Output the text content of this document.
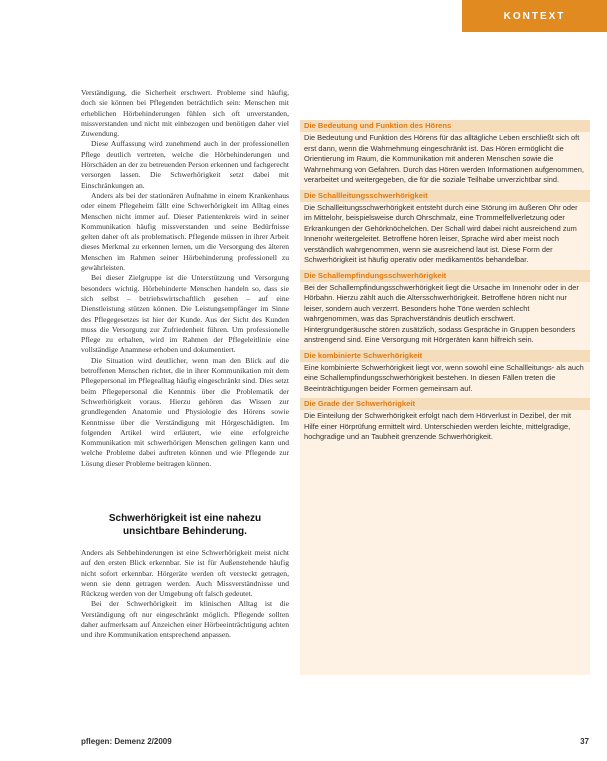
KONTEXT

Verständigung, die Sicherheit erschwert. Probleme sind häufig, doch sie können bei Pflegenden beträchtlich sein: Menschen mit erheblichen Hörbehinderungen fühlen sich oft unverstanden, missverstanden und nicht mit einbezogen und benötigen daher viel Zuwendung.

Diese Auffassung wird zunehmend auch in der professionellen Pflege deutlich vertreten, welche die Hörbehinderungen und Hörschäden an der zu betreuenden Person erkennen und fachgerecht versorgen lassen. Die Schwerhörigkeit setzt dabei mit Einschränkungen an.

Anders als bei der stationären Aufnahme in einem Krankenhaus oder einem Pflegeheim fällt eine Schwerhörigkeit im Alltag eines Menschen nicht immer auf. Dieser Patientenkreis wird in seiner Kommunikation häufig missverstanden und seine Bedürfnisse gelten daher oft als problematisch. Pflegende müssen in ihrer Arbeit dieses Merkmal zu erkennen lernen, um die Versorgung des älteren Menschen im Rahmen seiner Hörbehinderung professionell zu gewährleisten.

Bei dieser Zielgruppe ist die Unterstützung und Versorgung besonders wichtig. Hörbehinderte Menschen handeln so, dass sie sich selbst – betriebswirtschaftlich gesehen – auf eine Dienstleistung stützen können. Die Leistungsempfänger im Sinne des Pflegegesetzes ist hier der Kunde. Aus der Sicht des Kunden muss die Versorgung zur Zufriedenheit führen. Um professionelle Pflege zu erhalten, wird im Rahmen der Pflegeleitlinie eine vollständige Anamnese erhoben und dokumentiert.

Die Situation wird deutlicher, wenn man den Blick auf die betroffenen Menschen richtet, die in ihrer Kommunikation mit dem Pflegepersonal im Pflegealltag häufig eingeschränkt sind. Dies setzt beim Pflegepersonal die Kenntnis über die Problematik der Schwerhörigkeit voraus. Hierzu gehören das Wissen zur grundlegenden Anatomie und Physiologie des Hörens sowie Kenntnisse über die Verständigung mit Hörgeschädigten. Im folgenden Artikel wird erläutert, wie eine erfolgreiche Kommunikation mit schwerhörigen Menschen gelingen kann und welche Probleme dabei auftreten können und wie Pflegende zur Lösung dieser Probleme beitragen können.

Schwerhörigkeit ist eine nahezu unsichtbare Behinderung.

Anders als Sehbehinderungen ist eine Schwerhörigkeit meist nicht auf den ersten Blick erkennbar. Sie ist für Außenstehende häufig nicht sofort erkennbar. Hörgeräte werden oft versteckt getragen, wenn sie denn getragen werden. Auch Missverständnisse und Rückzug werden von der Umgebung oft falsch gedeutet.

Bei der Schwerhörigkeit im klinischen Alltag ist die Verständigung oft nur eingeschränkt möglich. Pflegende sollten daher aufmerksam auf Anzeichen einer Hörbeeinträchtigung achten und ihre Kommunikation entsprechend anpassen.

Die Bedeutung und Funktion des Hörens

Die Bedeutung und Funktion des Hörens für das alltägliche Leben erschließt sich oft erst dann, wenn die Wahrnehmung eingeschränkt ist. Das Hören ermöglicht die Orientierung im Raum, die Kommunikation mit anderen Menschen sowie die Wahrnehmung von Gefahren. Durch das Hören werden Informationen aufgenommen, verarbeitet und weitergegeben, die für die soziale Teilhabe unverzichtbar sind.

Die Schallleitungsschwerhörigkeit

Die Schallleitungsschwerhörigkeit entsteht durch eine Störung im äußeren Ohr oder im Mittelohr, beispielsweise durch Ohrschmalz, eine Trommelfellverletzung oder Erkrankungen der Gehörknöchelchen. Der Schall wird dabei nicht ausreichend zum Innenohr weitergeleitet. Betroffene hören leiser, Sprache wird aber meist noch verständlich wahrgenommen, wenn sie ausreichend laut ist. Diese Form der Schwerhörigkeit ist häufig operativ oder medikamentös behandelbar.

Die Schallempfindungsschwerhörigkeit

Bei der Schallempfindungsschwerhörigkeit liegt die Ursache im Innenohr oder in der Hörbahn. Hierzu zählt auch die Altersschwerhörigkeit. Betroffene hören nicht nur leiser, sondern auch verzerrt. Besonders hohe Töne werden schlecht wahrgenommen, was das Sprachverständnis deutlich erschwert. Hintergrundgeräusche stören zusätzlich, sodass Gespräche in Gruppen besonders anstrengend sind. Eine Versorgung mit Hörgeräten kann hilfreich sein.

Die kombinierte Schwerhörigkeit

Eine kombinierte Schwerhörigkeit liegt vor, wenn sowohl eine Schallleitungs- als auch eine Schallempfindungsschwerhörigkeit bestehen. In diesen Fällen treten die Beeinträchtigungen beider Formen gemeinsam auf.

Die Grade der Schwerhörigkeit

Die Einteilung der Schwerhörigkeit erfolgt nach dem Hörverlust in Dezibel, der mit Hilfe einer Hörprüfung ermittelt wird. Unterschieden werden leichte, mittelgradige, hochgradige und an Taubheit grenzende Schwerhörigkeit.

pflegen: Demenz 2/2009	37
